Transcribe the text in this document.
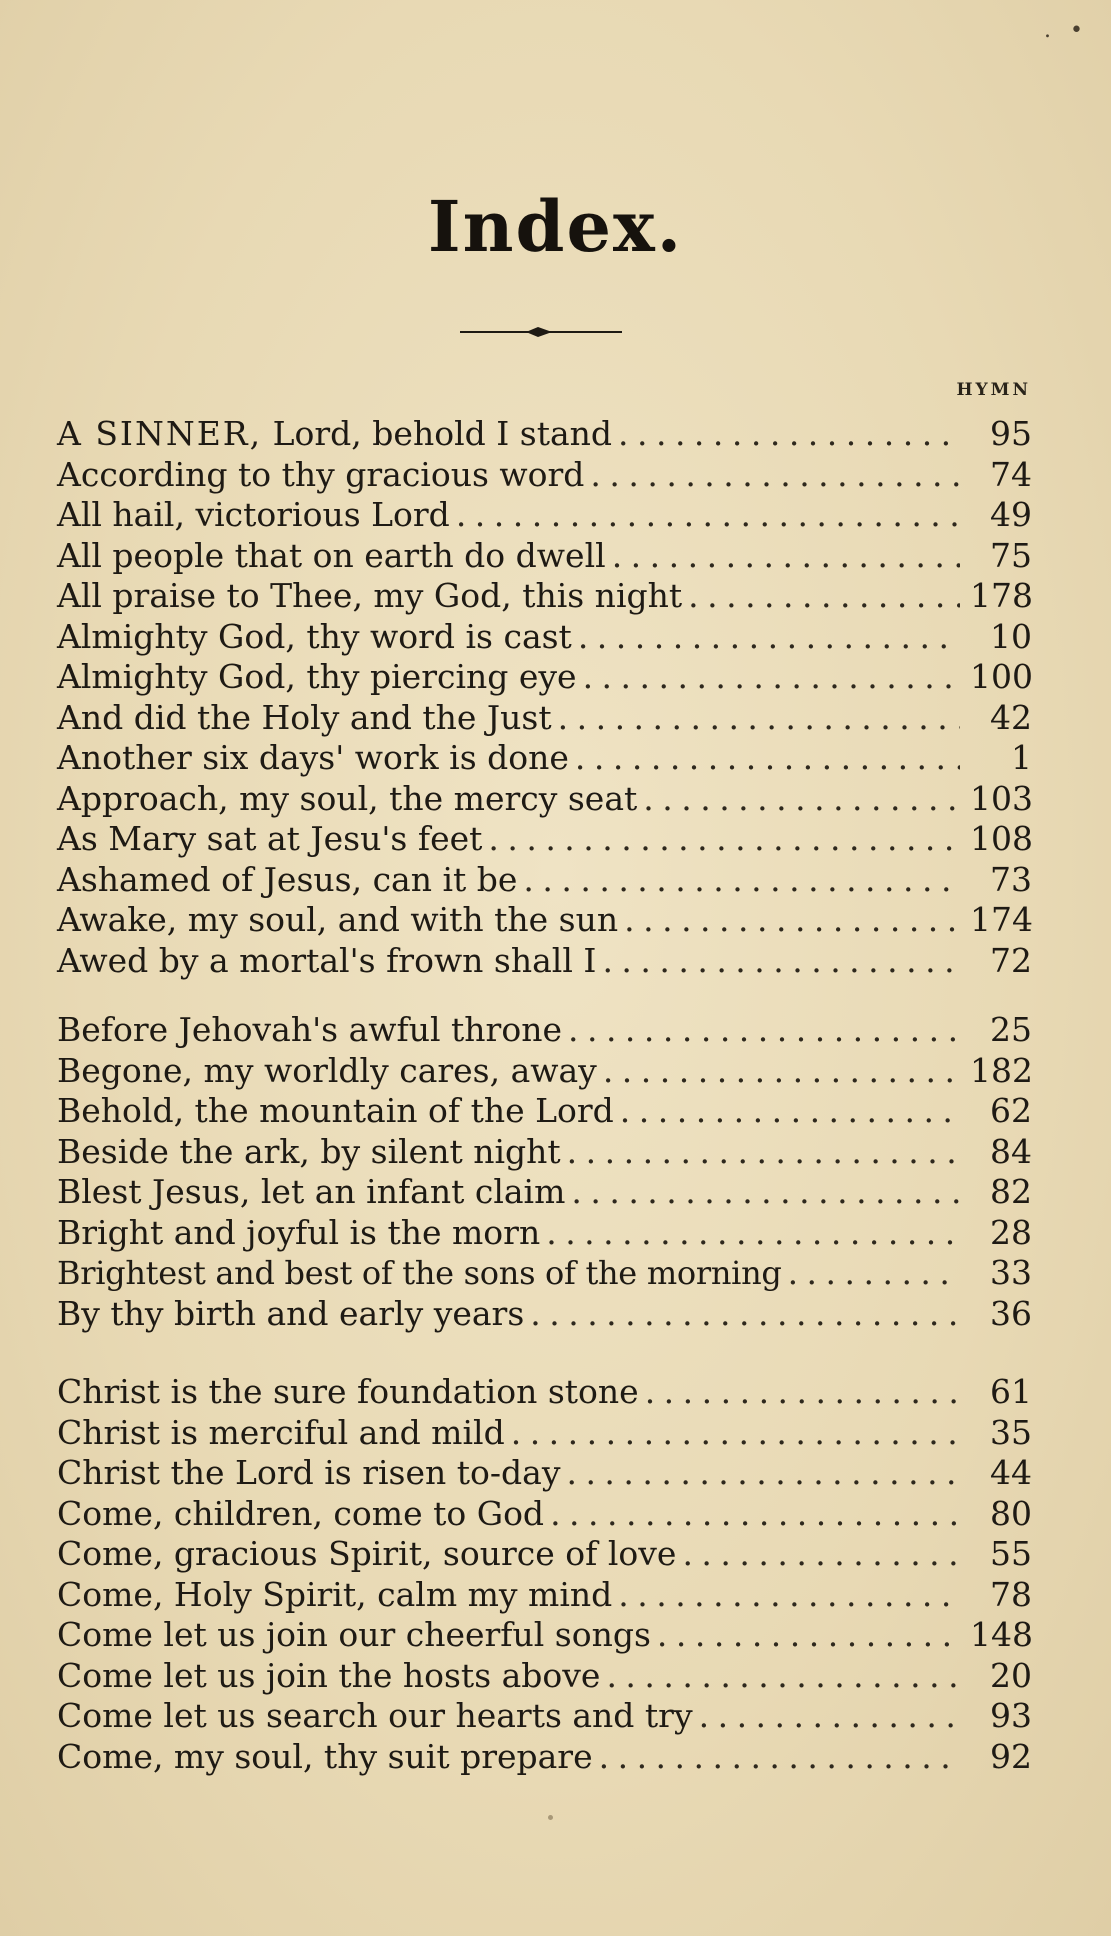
. •
Index.
HYMN
A SINNER, Lord, behold I stand . . .	95
According to thy gracious word . . .	74
All hail, victorious Lord . . .	49
All people that on earth do dwell . . .	75
All praise to Thee, my God, this night . . .	178
Almighty God, thy word is cast . . .	10
Almighty God, thy piercing eye . . .	100
And did the Holy and the Just . . .	42
Another six days' work is done . . .	1
Approach, my soul, the mercy seat . . .	103
As Mary sat at Jesu's feet . . .	108
Ashamed of Jesus, can it be . . .	73
Awake, my soul, and with the sun . . .	174
Awed by a mortal's frown shall I . . .	72
Before Jehovah's awful throne . . .	25
Begone, my worldly cares, away . . .	182
Behold, the mountain of the Lord . . .	62
Beside the ark, by silent night . . .	84
Blest Jesus, let an infant claim . . .	82
Bright and joyful is the morn . . .	28
Brightest and best of the sons of the morning . . .	33
By thy birth and early years . . .	36
Christ is the sure foundation stone . . .	61
Christ is merciful and mild . . .	35
Christ the Lord is risen to-day . . .	44
Come, children, come to God . . .	80
Come, gracious Spirit, source of love . . .	55
Come, Holy Spirit, calm my mind . . .	78
Come let us join our cheerful songs . . .	148
Come let us join the hosts above . . .	20
Come let us search our hearts and try . . .	93
Come, my soul, thy suit prepare . . .	92
